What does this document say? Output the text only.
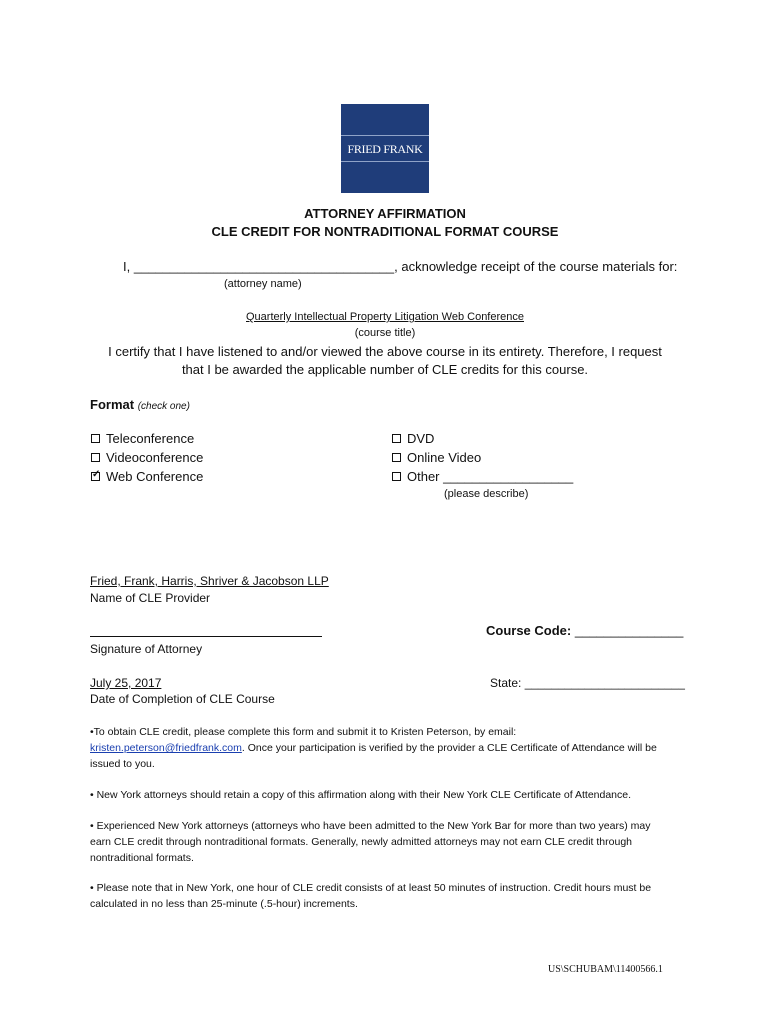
FRIED FRANK
ATTORNEY AFFIRMATION
CLE CREDIT FOR NONTRADITIONAL FORMAT COURSE
I, ____________________________________, acknowledge receipt of the course materials for:
(attorney name)
Quarterly Intellectual Property Litigation Web Conference
(course title)
I certify that I have listened to and/or viewed the above course in its entirety. Therefore, I request
that I be awarded the applicable number of CLE credits for this course.
Format (check one)
Teleconference
Videoconference
✓
Web Conference
DVD
Online Video
Other __________________
(please describe)
Fried, Frank, Harris, Shriver & Jacobson LLP
Name of CLE Provider
Signature of Attorney
Course Code: _______________
July 25, 2017
Date of Completion of CLE Course
State: ________________________

•To obtain CLE credit, please complete this form and submit it to Kristen Peterson, by email:

kristen.peterson@friedfrank.com. Once your participation is verified by the provider a CLE Certificate of Attendance will be

issued to you.

• New York attorneys should retain a copy of this affirmation along with their New York CLE Certificate of Attendance.

• Experienced New York attorneys (attorneys who have been admitted to the New York Bar for more than two years) may

earn CLE credit through nontraditional formats. Generally, newly admitted attorneys may not earn CLE credit through

nontraditional formats.

• Please note that in New York, one hour of CLE credit consists of at least 50 minutes of instruction. Credit hours must be

calculated in no less than 25-minute (.5-hour) increments.

US\SCHUBAM\11400566.1
